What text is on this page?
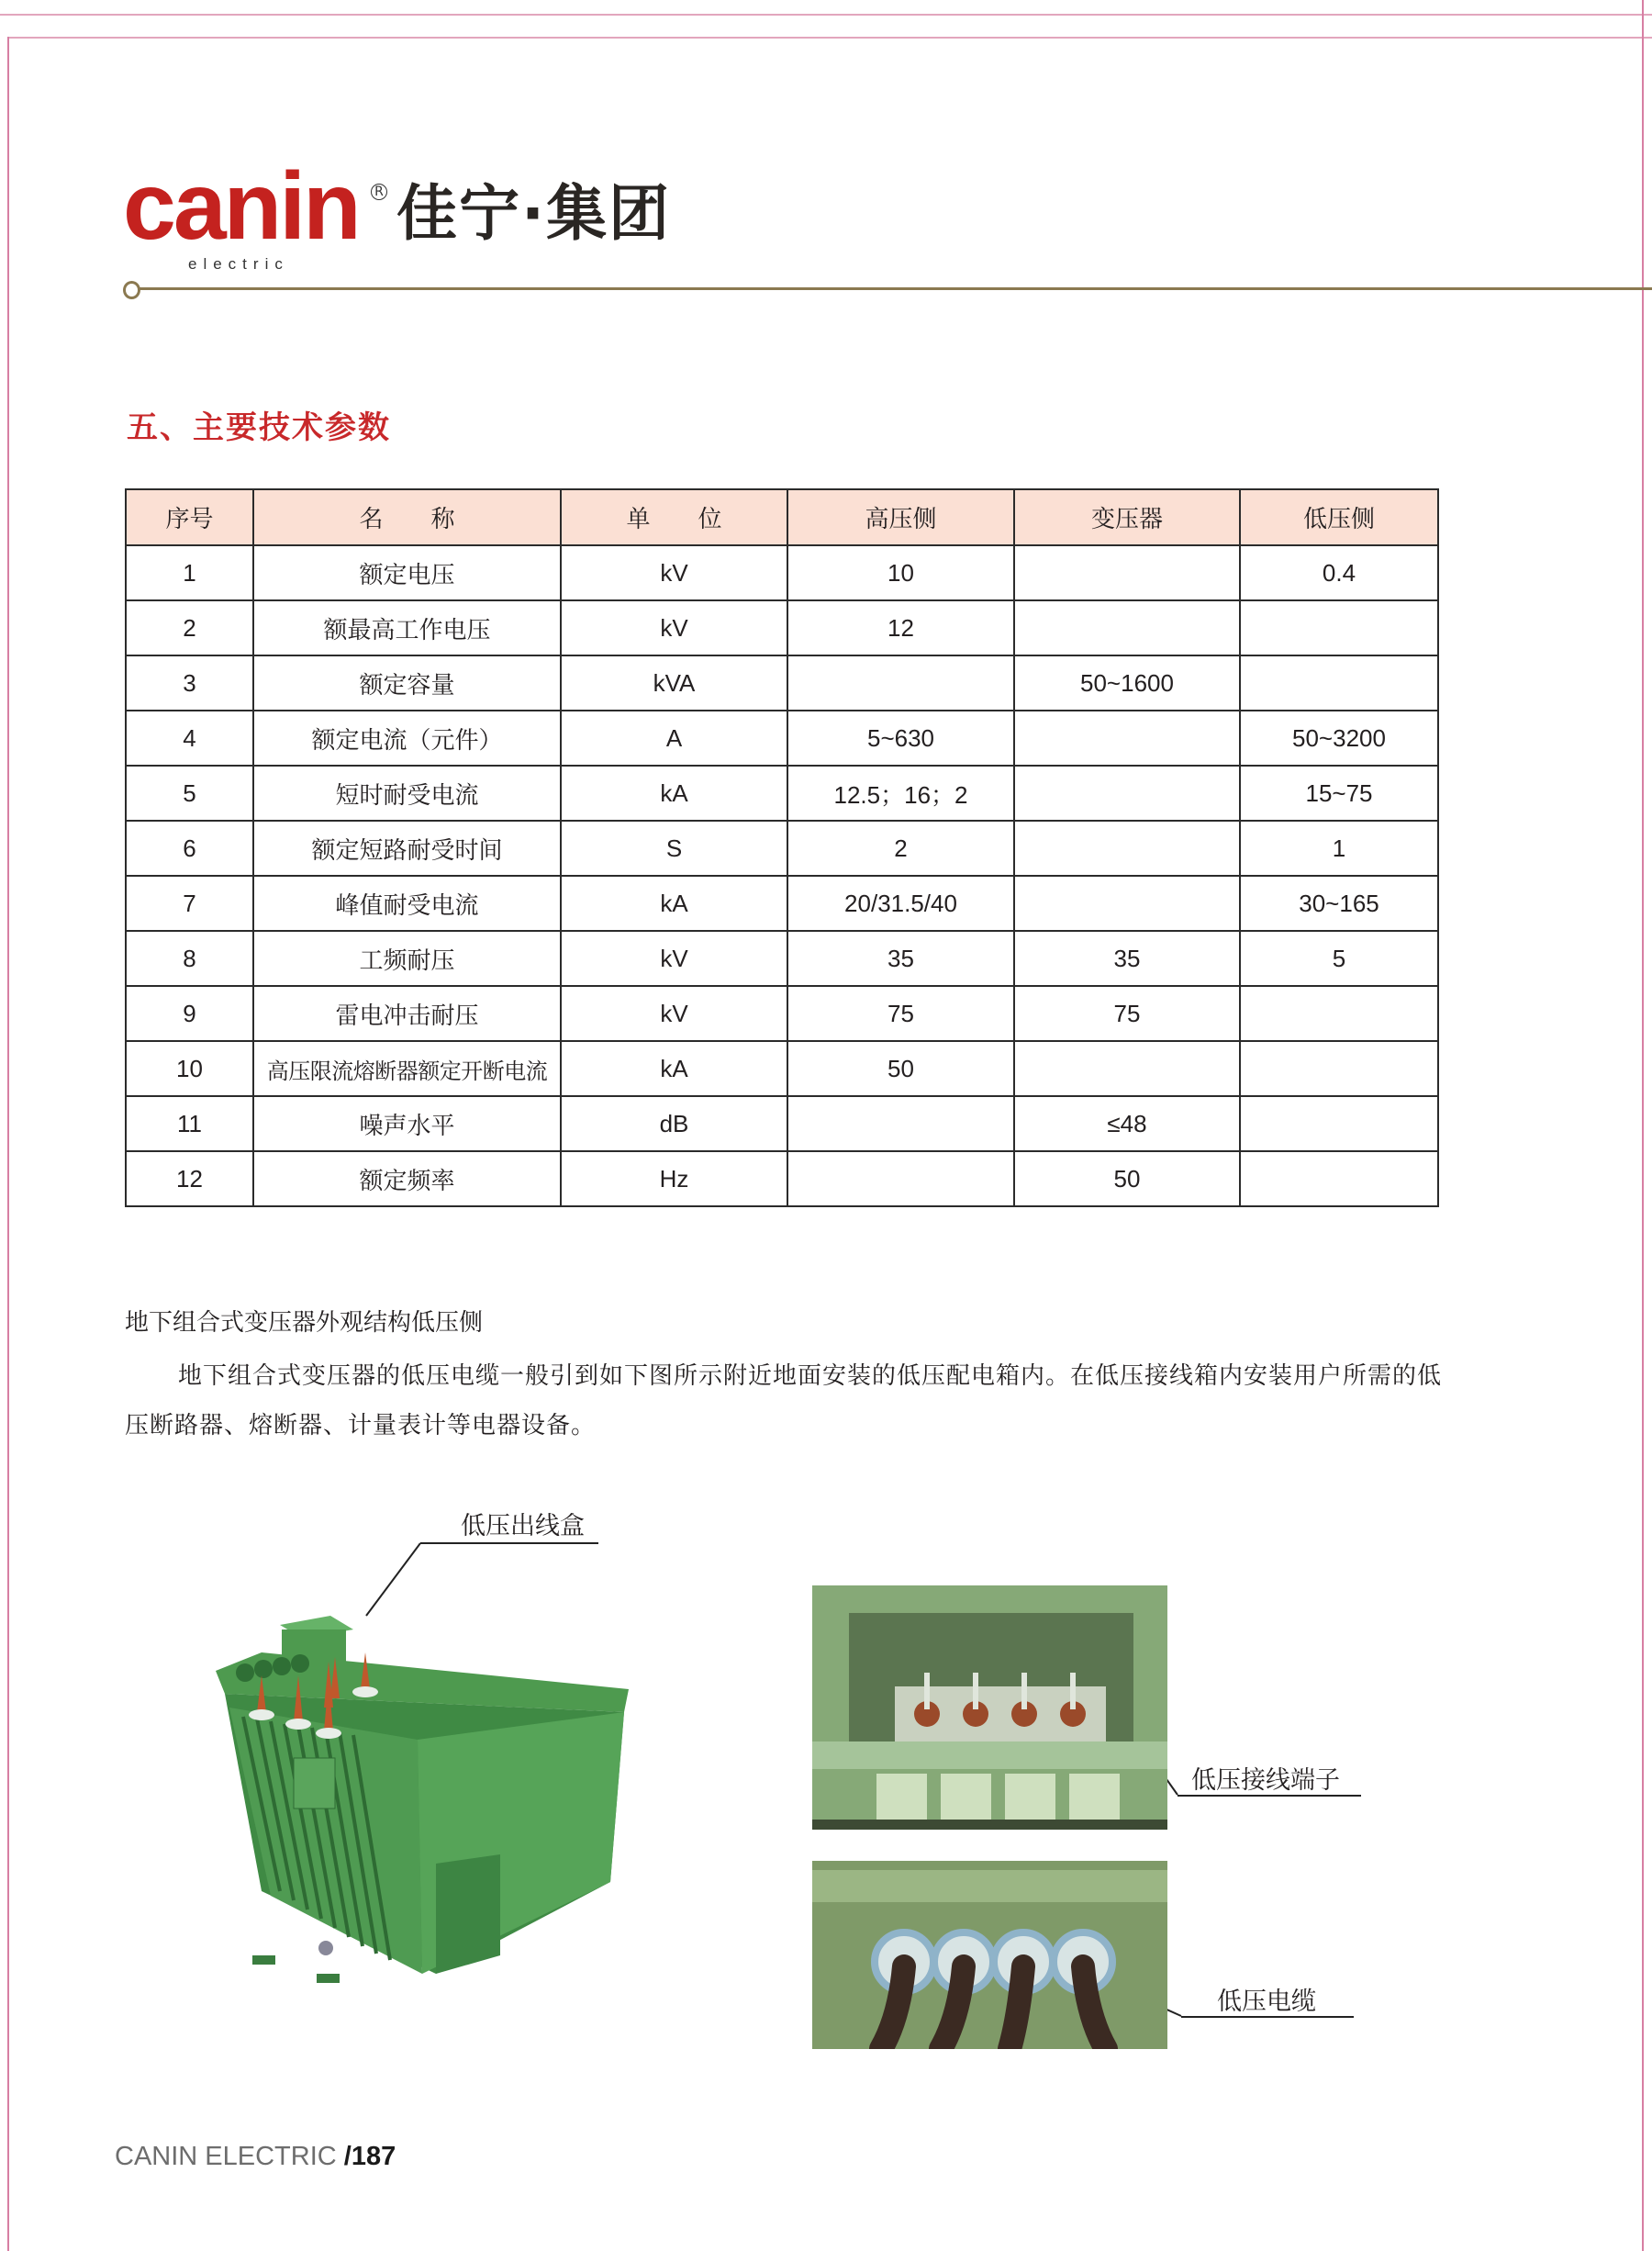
canin R
electric
佳宁·集团
五、主要技术参数
序号	名　　称	单　　位	高压侧	变压器	低压侧
1	额定电压	kV	10		0.4
2	额最高工作电压	kV	12		
3	额定容量	kVA		50~1600	
4	额定电流（元件）	A	5~630		50~3200
5	短时耐受电流	kA	12.5；16；2		15~75
6	额定短路耐受时间	S	2		1
7	峰值耐受电流	kA	20/31.5/40		30~165
8	工频耐压	kV	35	35	5
9	雷电冲击耐压	kV	75	75	
10	高压限流熔断器额定开断电流	kA	50		
11	噪声水平	dB		≤48	
12	额定频率	Hz		50	
地下组合式变压器外观结构低压侧
地下组合式变压器的低压电缆一般引到如下图所示附近地面安装的低压配电箱内。在低压接线箱内安装用户所需的低压断路器、熔断器、计量表计等电器设备。
低压出线盒
低压接线端子
低压电缆
CANIN ELECTRIC /187
